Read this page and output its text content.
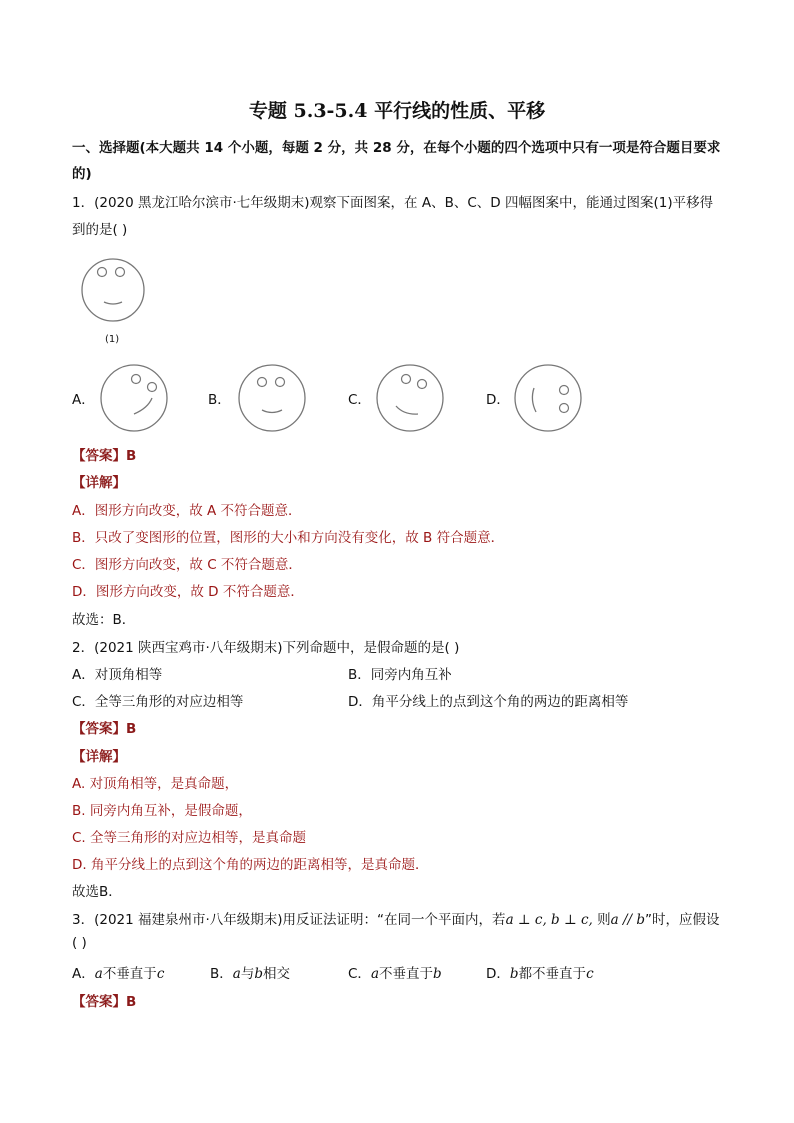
专题 5.3-5.4 平行线的性质、平移
一、选择题(本大题共 14 个小题，每题 2 分，共 28 分，在每个小题的四个选项中只有一项是符合题目要求
的)
1．(2020 黑龙江哈尔滨市·七年级期末)观察下面图案，在 A、B、C、D 四幅图案中，能通过图案(1)平移得
到的是( )
(1)
A．	B．	C．	D．
【答案】B
【详解】
A．图形方向改变，故 A 不符合题意．
B．只改了变图形的位置，图形的大小和方向没有变化，故 B 符合题意．
C．图形方向改变，故 C 不符合题意．
D．图形方向改变，故 D 不符合题意．
故选：B．
2．(2021 陕西宝鸡市·八年级期末)下列命题中，是假命题的是( )
A．对顶角相等	B．同旁内角互补
C．全等三角形的对应边相等	D．角平分线上的点到这个角的两边的距离相等
【答案】B
【详解】
A. 对顶角相等，是真命题，
B. 同旁内角互补，是假命题，
C. 全等三角形的对应边相等，是真命题
D. 角平分线上的点到这个角的两边的距离相等，是真命题．
故选B．
3．(2021 福建泉州市·八年级期末)用反证法证明：“在同一个平面内，若a ⊥ c, b ⊥ c, 则a // b”时，应假设
( )
A．a不垂直于c	B．a与b相交	C．a不垂直于b	D．b都不垂直于c
【答案】B
